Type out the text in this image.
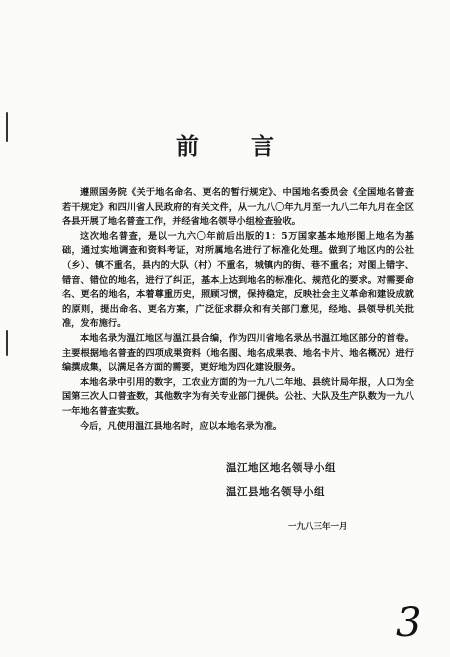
前 言

遵照国务院《关于地名命名、更名的暂行规定》、中国地名委员会《全国地名普查若干规定》和四川省人民政府的有关文件，从一九八〇年九月至一九八二年九月在全区各县开展了地名普查工作，并经省地名领导小组检查验收。

这次地名普查，是以一九六〇年前后出版的1：5万国家基本地形图上地名为基础，通过实地调查和资料考证，对所属地名进行了标准化处理。做到了地区内的公社（乡）、镇不重名，县内的大队（村）不重名，城镇内的街、巷不重名；对图上错字、错音、错位的地名，进行了纠正，基本上达到地名的标准化、规范化的要求。对需要命名、更名的地名，本着尊重历史，照顾习惯，保持稳定，反映社会主义革命和建设成就的原则，提出命名、更名方案，广泛征求群众和有关部门意见，经地、县领导机关批准，发布施行。

本地名录为温江地区与温江县合编，作为四川省地名录丛书温江地区部分的首卷。主要根据地名普查的四项成果资料（地名图、地名成果表、地名卡片、地名概况）进行编撰成集，以满足各方面的需要，更好地为四化建设服务。

本地名录中引用的数字，工农业方面的为一九八二年地、县统计局年报，人口为全国第三次人口普查数，其他数字为有关专业部门提供。公社、大队及生产队数为一九八一年地名普查实数。

今后，凡使用温江县地名时，应以本地名录为准。

温江地区地名领导小组
温江县地名领导小组
一九八三年一月
3
